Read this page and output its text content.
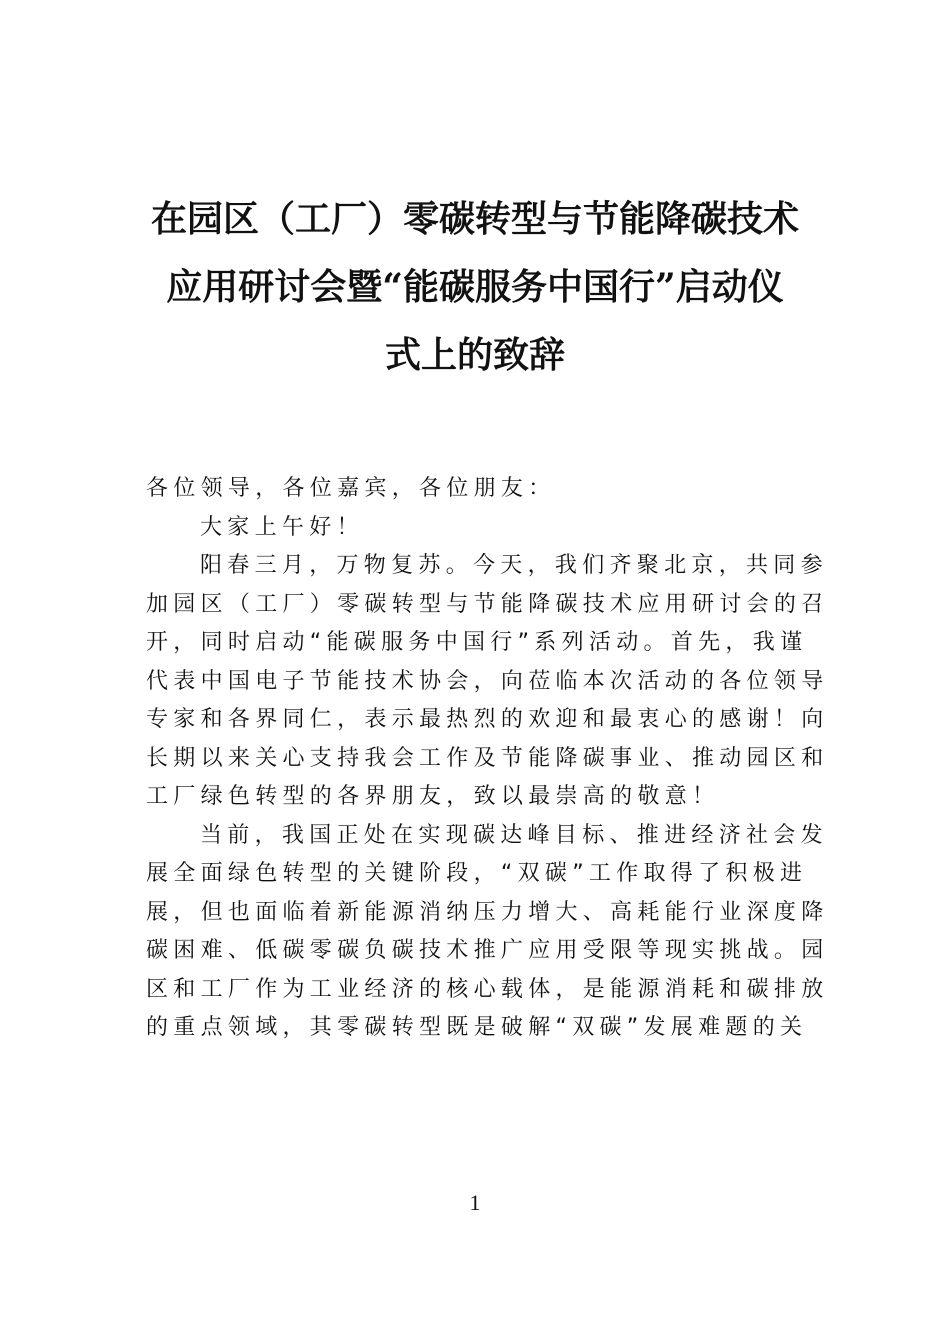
在园区（工厂）零碳转型与节能降碳技术
应用研讨会暨“能碳服务中国行”启动仪
式上的致辞
各位领导，各位嘉宾，各位朋友：
大家上午好！
阳春三月，万物复苏。今天，我们齐聚北京，共同参
加园区（工厂）零碳转型与节能降碳技术应用研讨会的召
开，同时启动“能碳服务中国行”系列活动。首先，我谨
代表中国电子节能技术协会，向莅临本次活动的各位领导
专家和各界同仁，表示最热烈的欢迎和最衷心的感谢！向
长期以来关心支持我会工作及节能降碳事业、推动园区和
工厂绿色转型的各界朋友，致以最崇高的敬意！
当前，我国正处在实现碳达峰目标、推进经济社会发
展全面绿色转型的关键阶段，“双碳”工作取得了积极进
展，但也面临着新能源消纳压力增大、高耗能行业深度降
碳困难、低碳零碳负碳技术推广应用受限等现实挑战。园
区和工厂作为工业经济的核心载体，是能源消耗和碳排放
的重点领域，其零碳转型既是破解“双碳”发展难题的关
1
